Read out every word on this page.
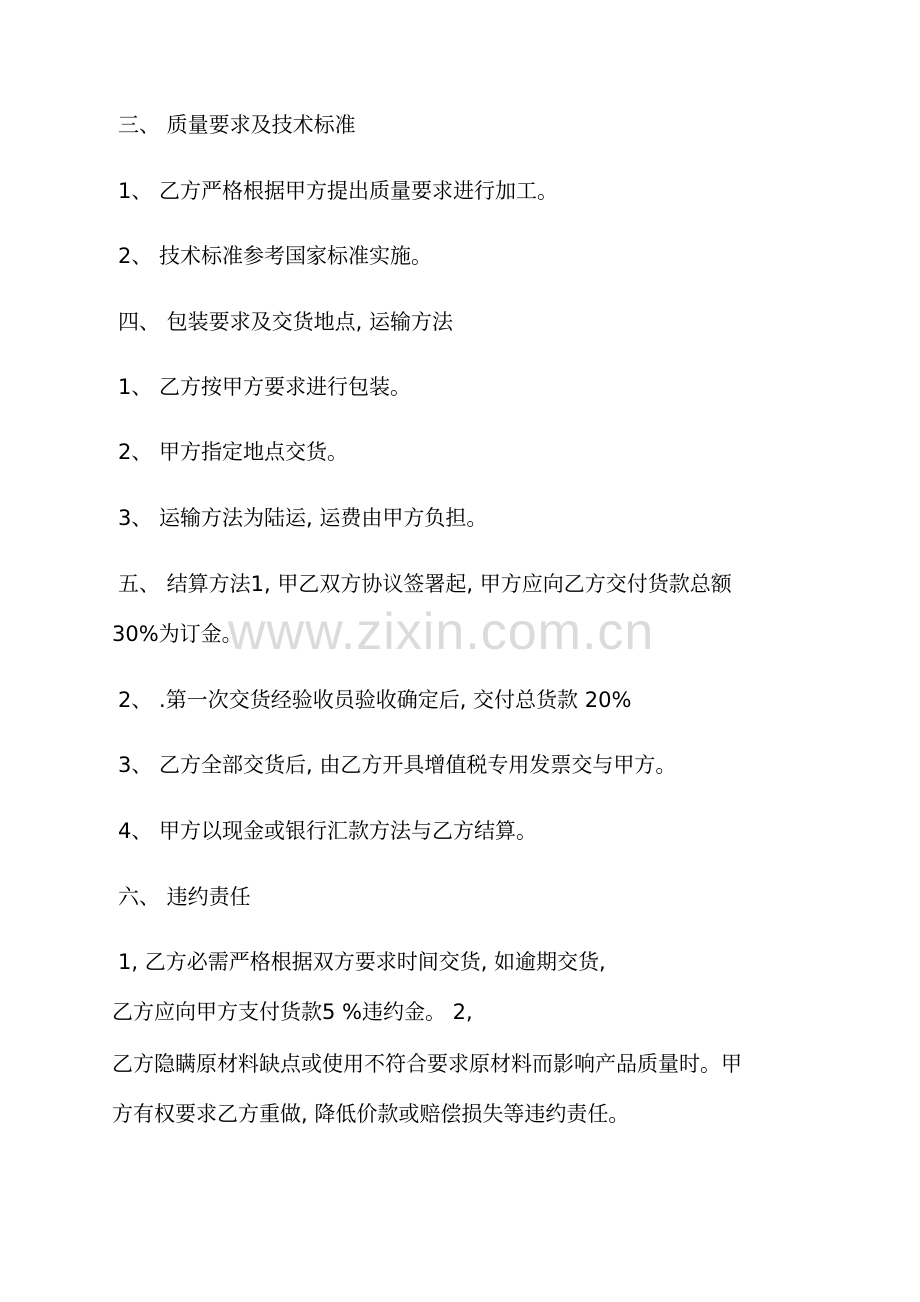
三、 质量要求及技术标准
1、 乙方严格根据甲方提出质量要求进行加工。
2、 技术标准参考国家标准实施。
四、 包装要求及交货地点, 运输方法
1、 乙方按甲方要求进行包装。
2、 甲方指定地点交货。
3、 运输方法为陆运, 运费由甲方负担。
五、 结算方法1, 甲乙双方协议签署起, 甲方应向乙方交付货款总额
30%为订金。
2、 .第一次交货经验收员验收确定后, 交付总货款 20%
3、 乙方全部交货后, 由乙方开具增值税专用发票交与甲方。
4、 甲方以现金或银行汇款方法与乙方结算。
六、 违约责任
1, 乙方必需严格根据双方要求时间交货, 如逾期交货,
乙方应向甲方支付货款5 %违约金。 2,
乙方隐瞒原材料缺点或使用不符合要求原材料而影响产品质量时。甲
方有权要求乙方重做, 降低价款或赔偿损失等违约责任。
www.zixin.com.cn
